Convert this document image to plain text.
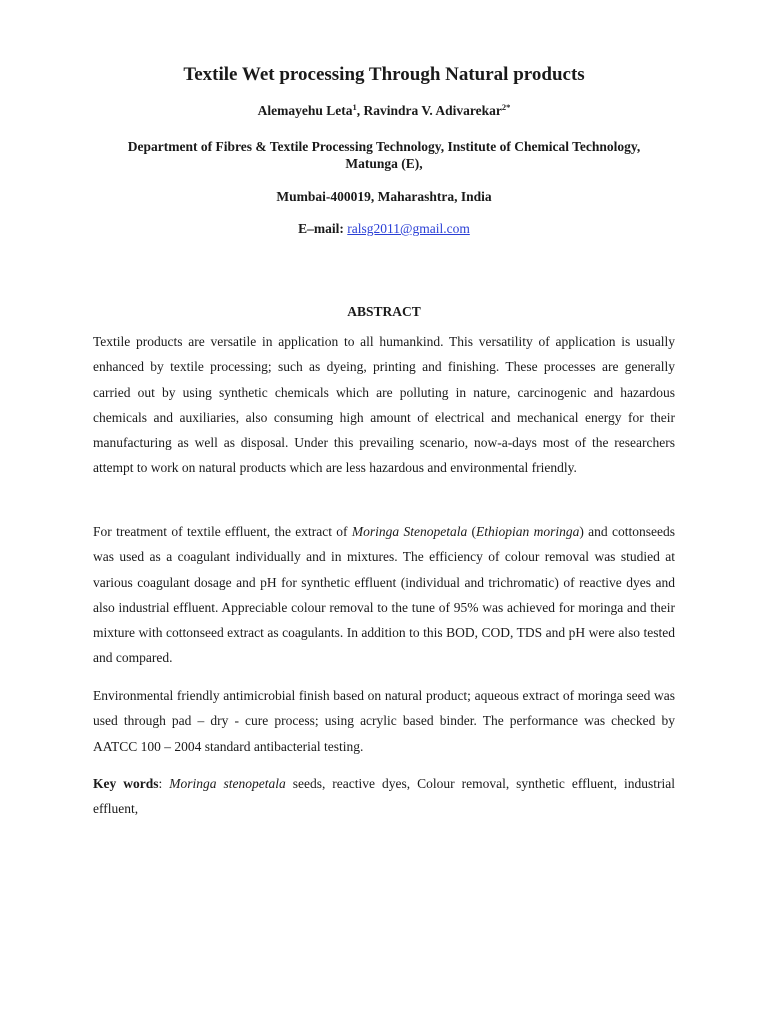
Textile Wet processing Through Natural products
Alemayehu Leta$^1$, Ravindra V. Adivarekar$^{2*}$
Department of Fibres & Textile Processing Technology, Institute of Chemical Technology, Matunga (E),
Mumbai-400019, Maharashtra, India
E–mail: ralsg2011@gmail.com
ABSTRACT

Textile products are versatile in application to all humankind. This versatility of application is usually enhanced by textile processing; such as dyeing, printing and finishing. These processes are generally carried out by using synthetic chemicals which are polluting in nature, carcinogenic and hazardous chemicals and auxiliaries, also consuming high amount of electrical and mechanical energy for their manufacturing as well as disposal. Under this prevailing scenario, now-a-days most of the researchers attempt to work on natural products which are less hazardous and environmental friendly.

For treatment of textile effluent, the extract of Moringa Stenopetala (Ethiopian moringa) and cottonseeds was used as a coagulant individually and in mixtures. The efficiency of colour removal was studied at various coagulant dosage and pH for synthetic effluent (individual and trichromatic) of reactive dyes and also industrial effluent. Appreciable colour removal to the tune of 95% was achieved for moringa and their mixture with cottonseed extract as coagulants. In addition to this BOD, COD, TDS and pH were also tested and compared.

Environmental friendly antimicrobial finish based on natural product; aqueous extract of moringa seed was used through pad – dry - cure process; using acrylic based binder. The performance was checked by AATCC 100 – 2004 standard antibacterial testing.

Key words: Moringa stenopetala seeds, reactive dyes, Colour removal, synthetic effluent, industrial effluent,
